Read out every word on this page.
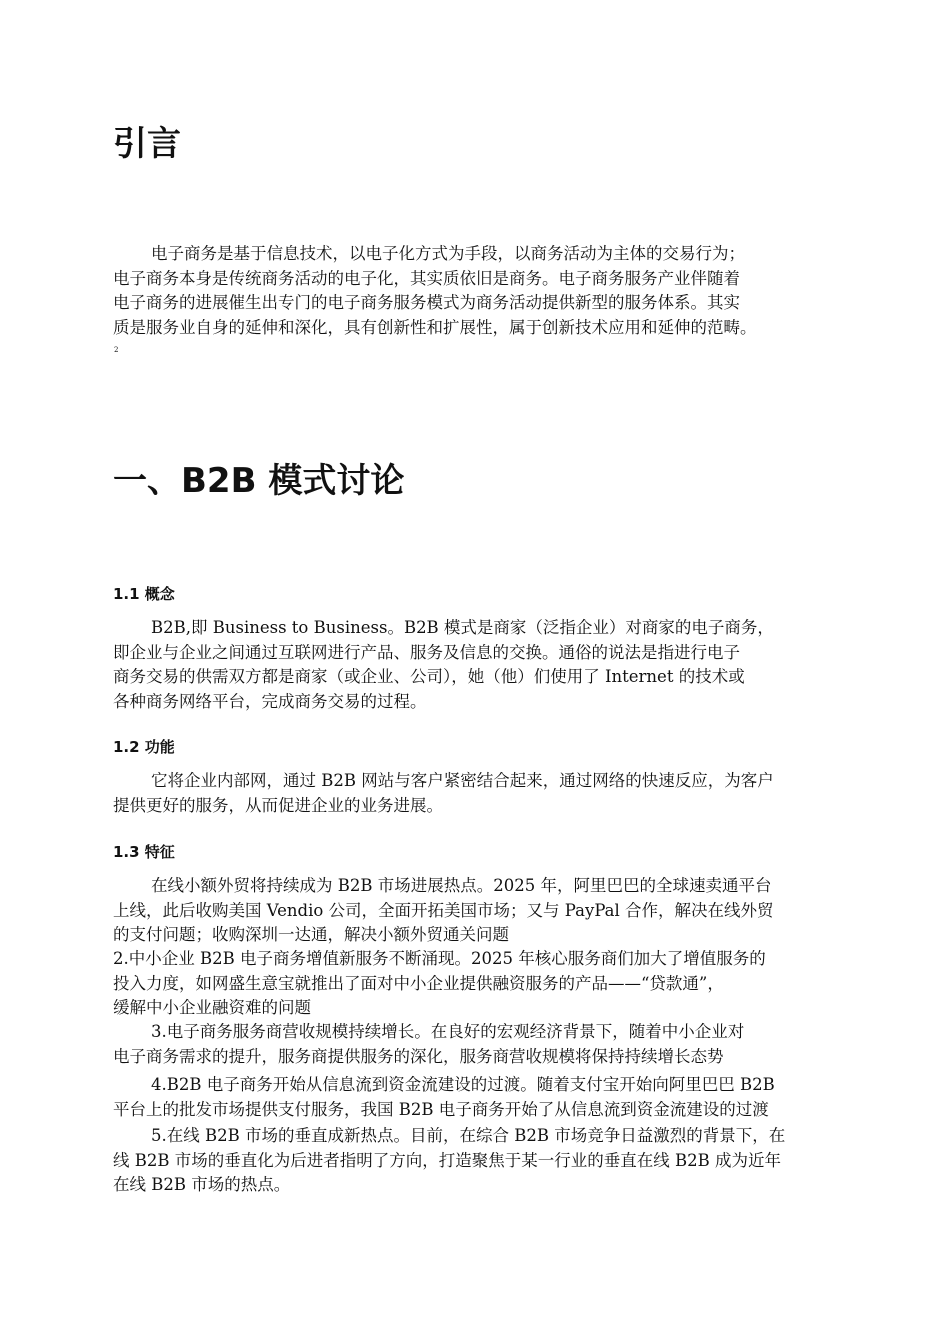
引言
电子商务是基于信息技术，以电子化方式为手段，以商务活动为主体的交易行为；
电子商务本身是传统商务活动的电子化，其实质依旧是商务。电子商务服务产业伴随着
电子商务的进展催生出专门的电子商务服务模式为商务活动提供新型的服务体系。其实
质是服务业自身的延伸和深化，具有创新性和扩展性，属于创新技术应用和延伸的范畴。
2
一、B2B 模式讨论
1.1 概念
B2B,即 Business to Business。B2B 模式是商家（泛指企业）对商家的电子商务，
即企业与企业之间通过互联网进行产品、服务及信息的交换。通俗的说法是指进行电子
商务交易的供需双方都是商家（或企业、公司），她（他）们使用了 Internet 的技术或
各种商务网络平台，完成商务交易的过程。
1.2 功能
它将企业内部网，通过 B2B 网站与客户紧密结合起来，通过网络的快速反应，为客户
提供更好的服务，从而促进企业的业务进展。
1.3 特征
在线小额外贸将持续成为 B2B 市场进展热点。2025 年，阿里巴巴的全球速卖通平台
上线，此后收购美国 Vendio 公司，全面开拓美国市场；又与 PayPal 合作，解决在线外贸
的支付问题；收购深圳一达通，解决小额外贸通关问题
2.中小企业 B2B 电子商务增值新服务不断涌现。2025 年核心服务商们加大了增值服务的
投入力度，如网盛生意宝就推出了面对中小企业提供融资服务的产品——“贷款通”，
缓解中小企业融资难的问题
3.电子商务服务商营收规模持续增长。在良好的宏观经济背景下，随着中小企业对
电子商务需求的提升，服务商提供服务的深化，服务商营收规模将保持持续增长态势
4.B2B 电子商务开始从信息流到资金流建设的过渡。随着支付宝开始向阿里巴巴 B2B
平台上的批发市场提供支付服务，我国 B2B 电子商务开始了从信息流到资金流建设的过渡
5.在线 B2B 市场的垂直成新热点。目前，在综合 B2B 市场竞争日益激烈的背景下，在
线 B2B 市场的垂直化为后进者指明了方向，打造聚焦于某一行业的垂直在线 B2B 成为近年
在线 B2B 市场的热点。
